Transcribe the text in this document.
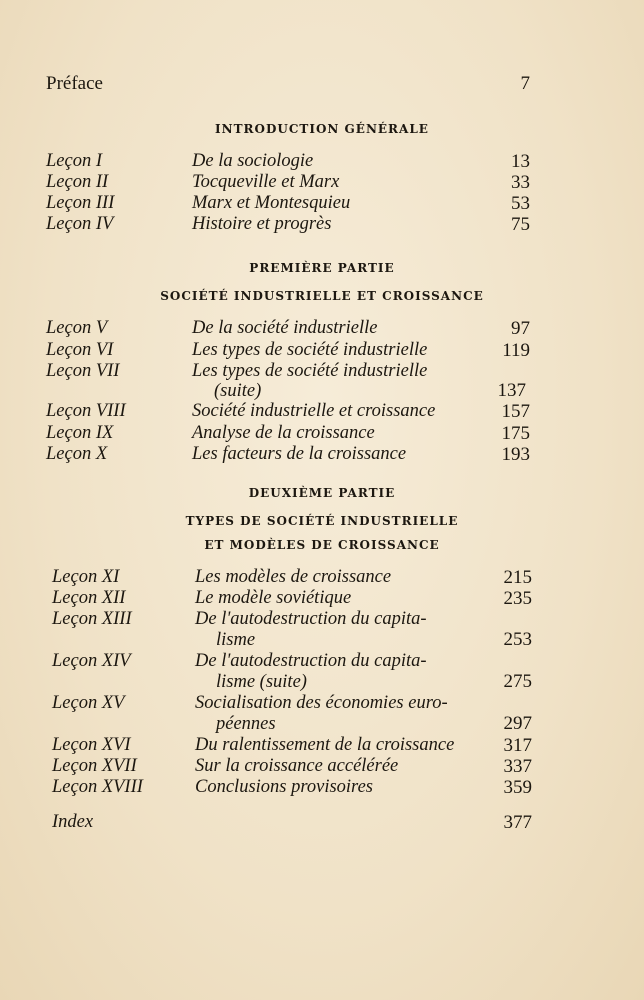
Préface	7
INTRODUCTION GÉNÉRALE
Leçon I	De la sociologie	13
Leçon II	Tocqueville et Marx	33
Leçon III	Marx et Montesquieu	53
Leçon IV	Histoire et progrès	75
PREMIÈRE PARTIE
SOCIÉTÉ INDUSTRIELLE ET CROISSANCE
Leçon V	De la société industrielle	97
Leçon VI	Les types de société industrielle	119
Leçon VII	Les types de société industrielle
(suite)	137
Leçon VIII	Société industrielle et croissance	157
Leçon IX	Analyse de la croissance	175
Leçon X	Les facteurs de la croissance	193
DEUXIÈME PARTIE
TYPES DE SOCIÉTÉ INDUSTRIELLE
ET MODÈLES DE CROISSANCE
Leçon XI	Les modèles de croissance	215
Leçon XII	Le modèle soviétique	235
Leçon XIII	De l'autodestruction du capita-
lisme	253
Leçon XIV	De l'autodestruction du capita-
lisme (suite)	275
Leçon XV	Socialisation des économies euro-
péennes	297
Leçon XVI	Du ralentissement de la croissance	317
Leçon XVII	Sur la croissance accélérée	337
Leçon XVIII	Conclusions provisoires	359
Index	377
